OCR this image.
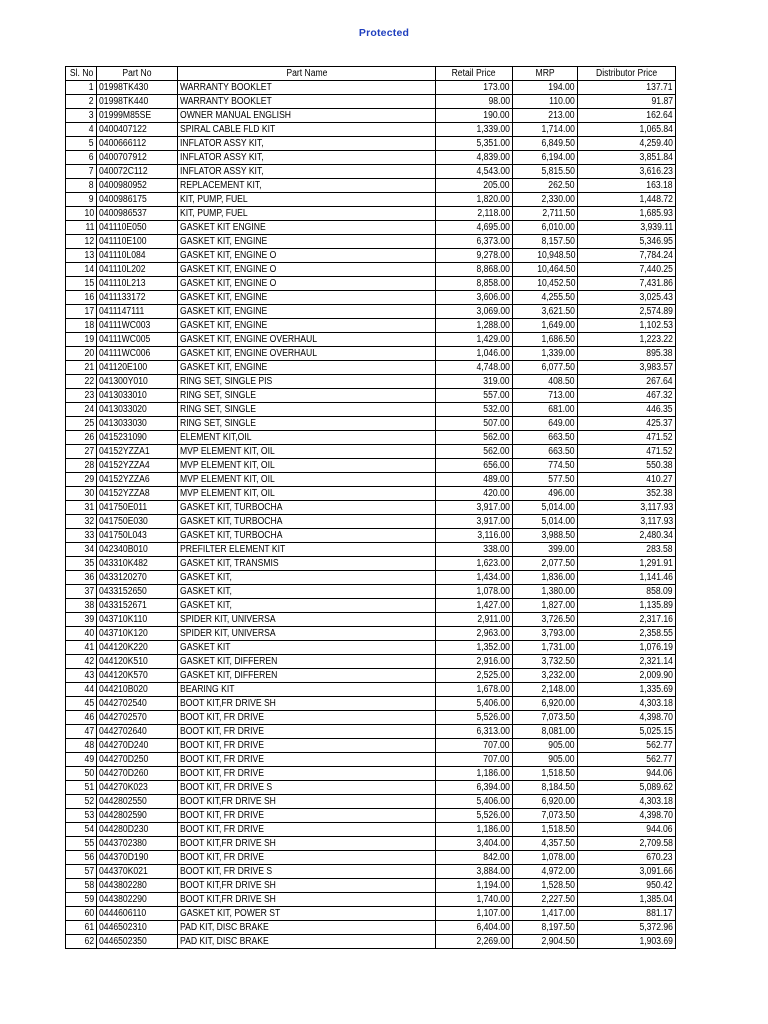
Protected
Sl. No	Part No	Part Name	Retail Price	MRP	Distributor Price
1	01998TK430	WARRANTY BOOKLET	173.00	194.00	137.71
2	01998TK440	WARRANTY BOOKLET	98.00	110.00	91.87
3	01999M85SE	OWNER MANUAL ENGLISH	190.00	213.00	162.64
4	0400407122	SPIRAL CABLE FLD KIT	1,339.00	1,714.00	1,065.84
5	0400666112	INFLATOR ASSY KIT,	5,351.00	6,849.50	4,259.40
6	0400707912	INFLATOR ASSY KIT,	4,839.00	6,194.00	3,851.84
7	040072C112	INFLATOR ASSY KIT,	4,543.00	5,815.50	3,616.23
8	0400980952	REPLACEMENT KIT,	205.00	262.50	163.18
9	0400986175	KIT, PUMP, FUEL	1,820.00	2,330.00	1,448.72
10	0400986537	KIT, PUMP, FUEL	2,118.00	2,711.50	1,685.93
11	041110E050	GASKET KIT ENGINE	4,695.00	6,010.00	3,939.11
12	041110E100	GASKET KIT, ENGINE	6,373.00	8,157.50	5,346.95
13	041110L084	GASKET KIT, ENGINE O	9,278.00	10,948.50	7,784.24
14	041110L202	GASKET KIT, ENGINE O	8,868.00	10,464.50	7,440.25
15	041110L213	GASKET KIT, ENGINE O	8,858.00	10,452.50	7,431.86
16	0411133172	GASKET KIT, ENGINE	3,606.00	4,255.50	3,025.43
17	0411147111	GASKET KIT, ENGINE	3,069.00	3,621.50	2,574.89
18	04111WC003	GASKET KIT, ENGINE	1,288.00	1,649.00	1,102.53
19	04111WC005	GASKET KIT, ENGINE OVERHAUL	1,429.00	1,686.50	1,223.22
20	04111WC006	GASKET KIT, ENGINE OVERHAUL	1,046.00	1,339.00	895.38
21	041120E100	GASKET KIT, ENGINE	4,748.00	6,077.50	3,983.57
22	041300Y010	RING SET, SINGLE PIS	319.00	408.50	267.64
23	0413033010	RING SET, SINGLE	557.00	713.00	467.32
24	0413033020	RING SET, SINGLE	532.00	681.00	446.35
25	0413033030	RING SET, SINGLE	507.00	649.00	425.37
26	0415231090	ELEMENT KIT,OIL	562.00	663.50	471.52
27	04152YZZA1	MVP ELEMENT KIT, OIL	562.00	663.50	471.52
28	04152YZZA4	MVP ELEMENT KIT, OIL	656.00	774.50	550.38
29	04152YZZA6	MVP ELEMENT KIT, OIL	489.00	577.50	410.27
30	04152YZZA8	MVP ELEMENT KIT, OIL	420.00	496.00	352.38
31	041750E011	GASKET KIT, TURBOCHA	3,917.00	5,014.00	3,117.93
32	041750E030	GASKET KIT, TURBOCHA	3,917.00	5,014.00	3,117.93
33	041750L043	GASKET KIT, TURBOCHA	3,116.00	3,988.50	2,480.34
34	042340B010	PREFILTER ELEMENT KIT	338.00	399.00	283.58
35	043310K482	GASKET KIT, TRANSMIS	1,623.00	2,077.50	1,291.91
36	0433120270	GASKET KIT,	1,434.00	1,836.00	1,141.46
37	0433152650	GASKET KIT,	1,078.00	1,380.00	858.09
38	0433152671	GASKET KIT,	1,427.00	1,827.00	1,135.89
39	043710K110	SPIDER KIT, UNIVERSA	2,911.00	3,726.50	2,317.16
40	043710K120	SPIDER KIT, UNIVERSA	2,963.00	3,793.00	2,358.55
41	044120K220	GASKET KIT	1,352.00	1,731.00	1,076.19
42	044120K510	GASKET KIT, DIFFEREN	2,916.00	3,732.50	2,321.14
43	044120K570	GASKET KIT, DIFFEREN	2,525.00	3,232.00	2,009.90
44	044210B020	BEARING KIT	1,678.00	2,148.00	1,335.69
45	0442702540	BOOT KIT,FR DRIVE SH	5,406.00	6,920.00	4,303.18
46	0442702570	BOOT KIT, FR DRIVE	5,526.00	7,073.50	4,398.70
47	0442702640	BOOT KIT, FR DRIVE	6,313.00	8,081.00	5,025.15
48	044270D240	BOOT KIT, FR DRIVE	707.00	905.00	562.77
49	044270D250	BOOT KIT, FR DRIVE	707.00	905.00	562.77
50	044270D260	BOOT KIT, FR DRIVE	1,186.00	1,518.50	944.06
51	044270K023	BOOT KIT, FR DRIVE S	6,394.00	8,184.50	5,089.62
52	0442802550	BOOT KIT,FR DRIVE SH	5,406.00	6,920.00	4,303.18
53	0442802590	BOOT KIT, FR DRIVE	5,526.00	7,073.50	4,398.70
54	044280D230	BOOT KIT, FR DRIVE	1,186.00	1,518.50	944.06
55	0443702380	BOOT KIT,FR DRIVE SH	3,404.00	4,357.50	2,709.58
56	044370D190	BOOT KIT, FR DRIVE	842.00	1,078.00	670.23
57	044370K021	BOOT KIT, FR DRIVE S	3,884.00	4,972.00	3,091.66
58	0443802280	BOOT KIT,FR DRIVE SH	1,194.00	1,528.50	950.42
59	0443802290	BOOT KIT,FR DRIVE SH	1,740.00	2,227.50	1,385.04
60	0444606110	GASKET KIT, POWER ST	1,107.00	1,417.00	881.17
61	0446502310	PAD KIT, DISC BRAKE	6,404.00	8,197.50	5,372.96
62	0446502350	PAD KIT, DISC BRAKE	2,269.00	2,904.50	1,903.69
